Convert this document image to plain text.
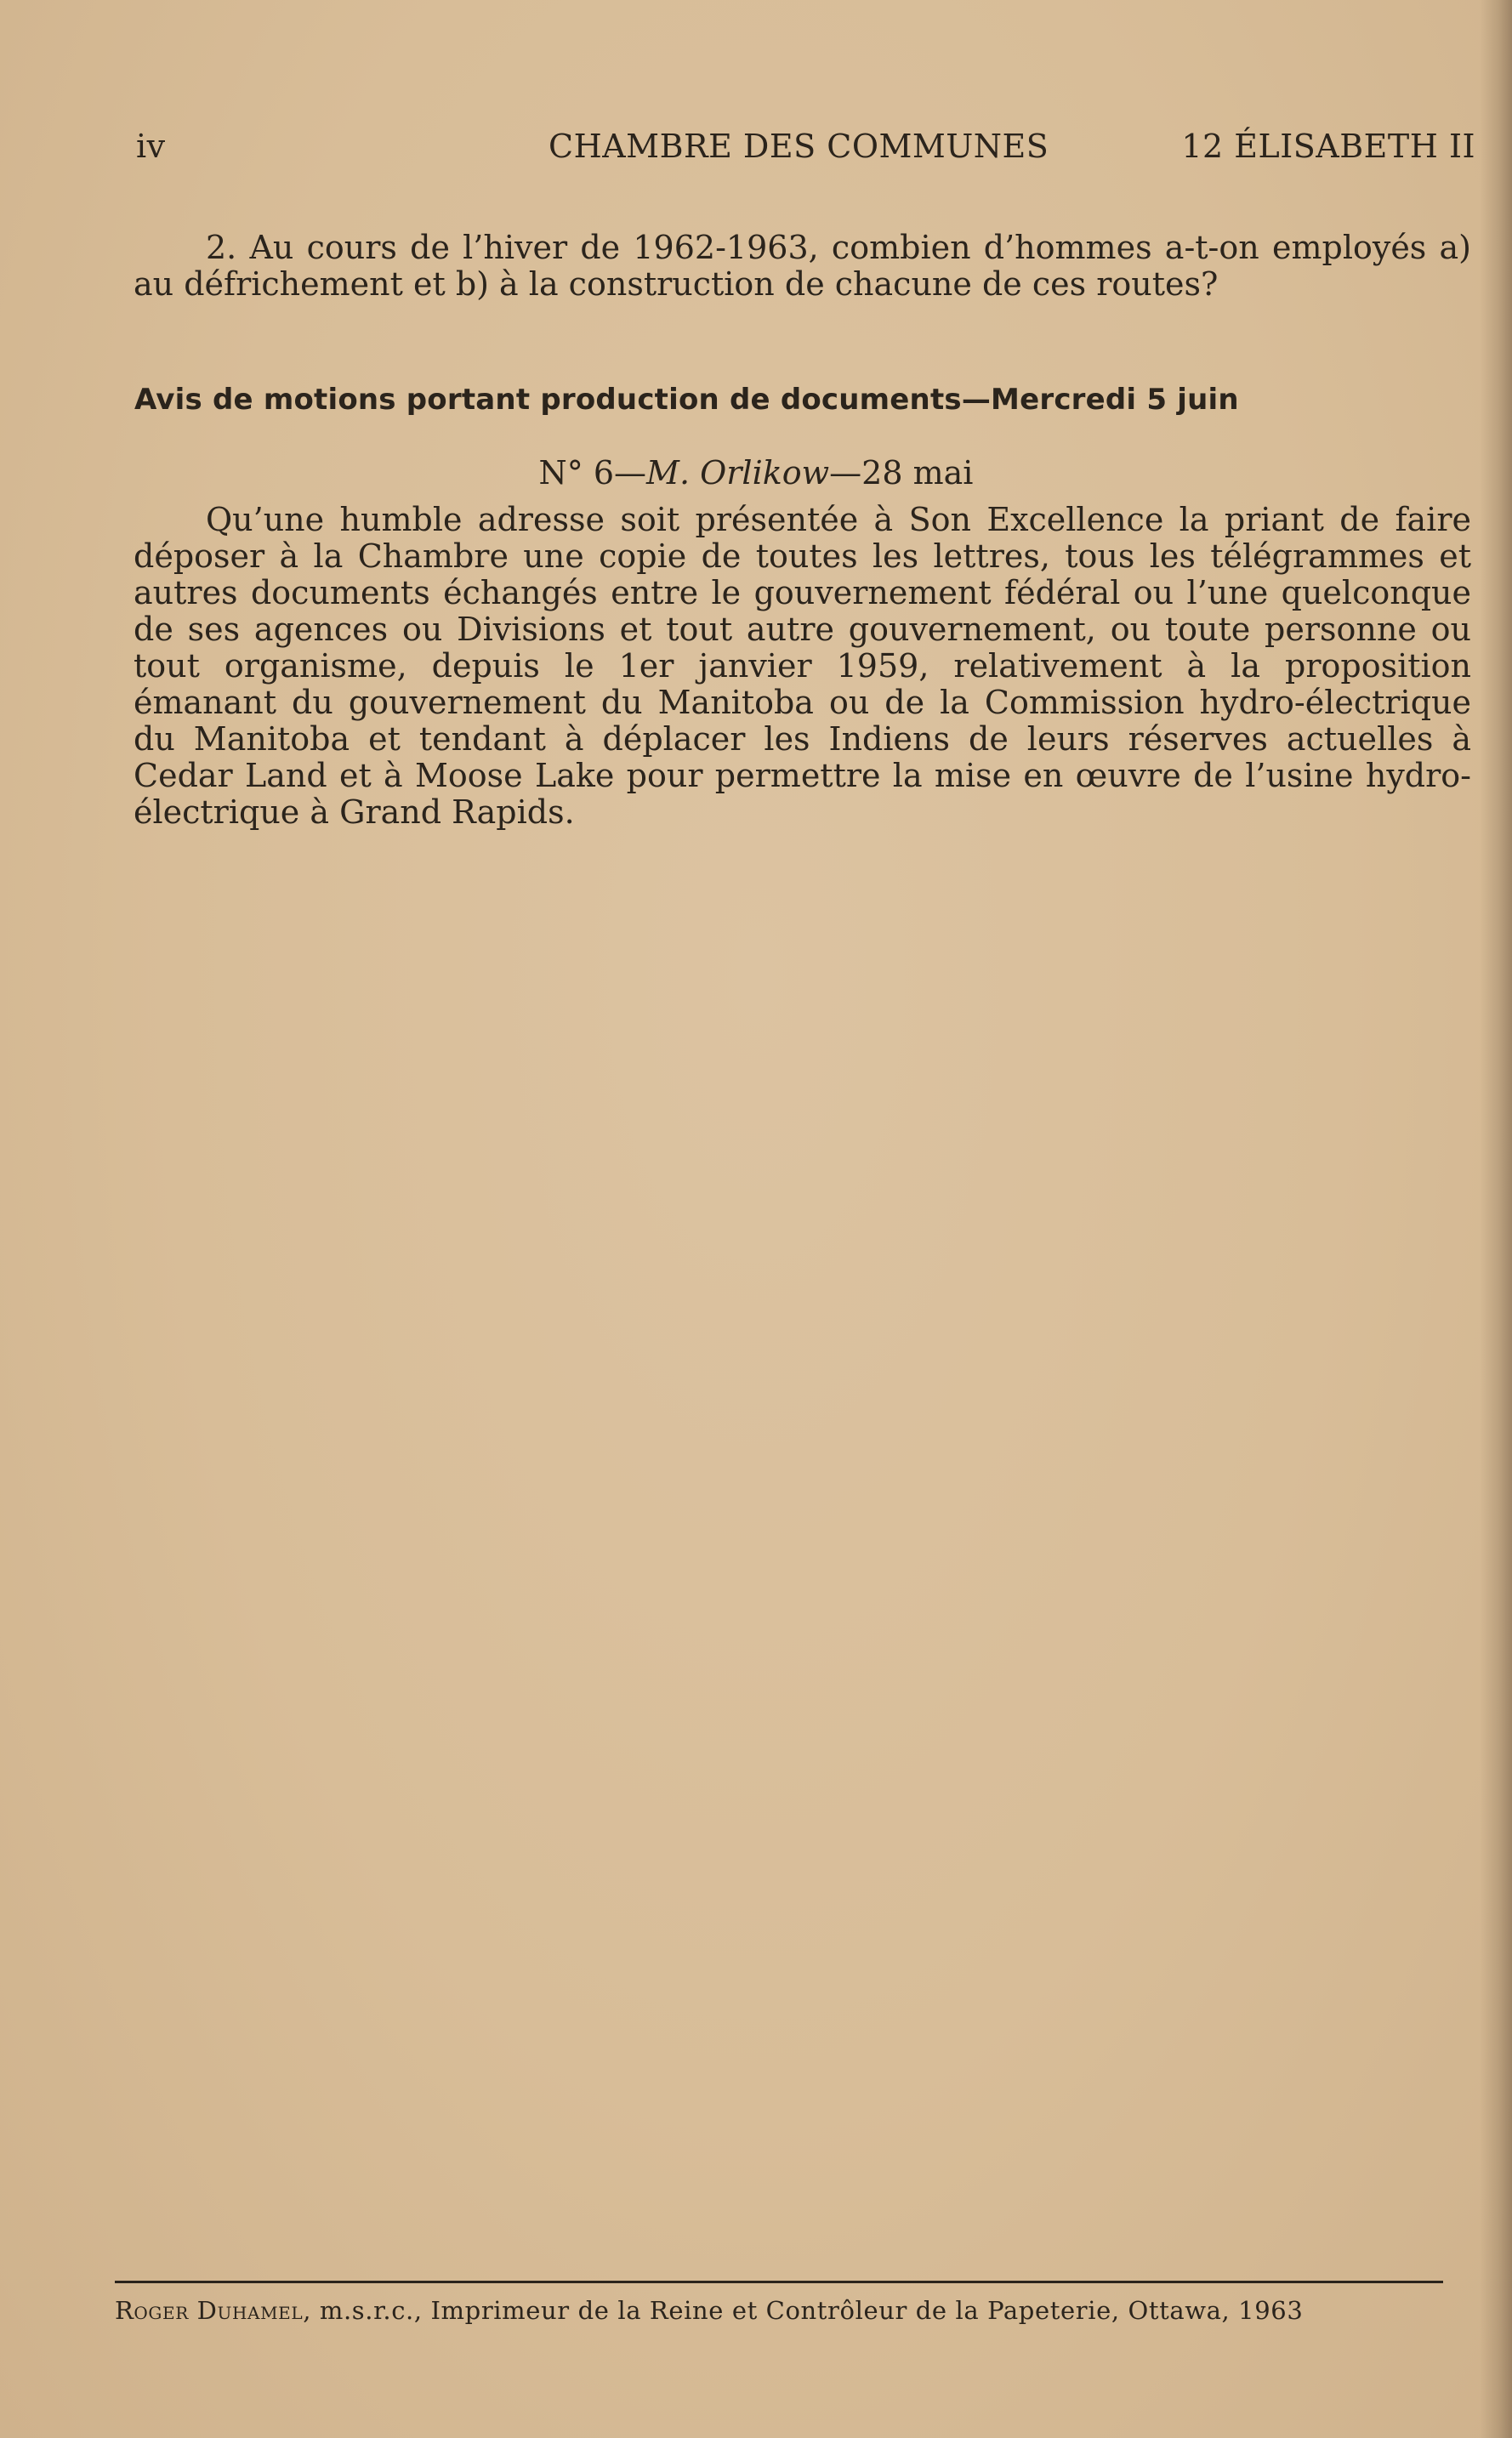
iv	CHAMBRE DES COMMUNES	12 ÉLISABETH II

2. Au cours de l’hiver de 1962-1963, combien d’hommes a-t-on employés a) au défrichement et b) à la construction de chacune de ces routes?

Avis de motions portant production de documents—Mercredi 5 juin
N° 6—M. Orlikow—28 mai

Qu’une humble adresse soit présentée à Son Excellence la priant de faire déposer à la Chambre une copie de toutes les lettres, tous les télégrammes et autres documents échangés entre le gouvernement fédéral ou l’une quelconque de ses agences ou Divisions et tout autre gouvernement, ou toute personne ou tout organisme, depuis le 1er janvier 1959, relativement à la proposition émanant du gouvernement du Manitoba ou de la Commission hydro-électrique du Manitoba et tendant à déplacer les Indiens de leurs réserves actuelles à Cedar Land et à Moose Lake pour permettre la mise en œuvre de l’usine hydro-électrique à Grand Rapids.

Roger Duhamel, m.s.r.c., Imprimeur de la Reine et Contrôleur de la Papeterie, Ottawa, 1963
